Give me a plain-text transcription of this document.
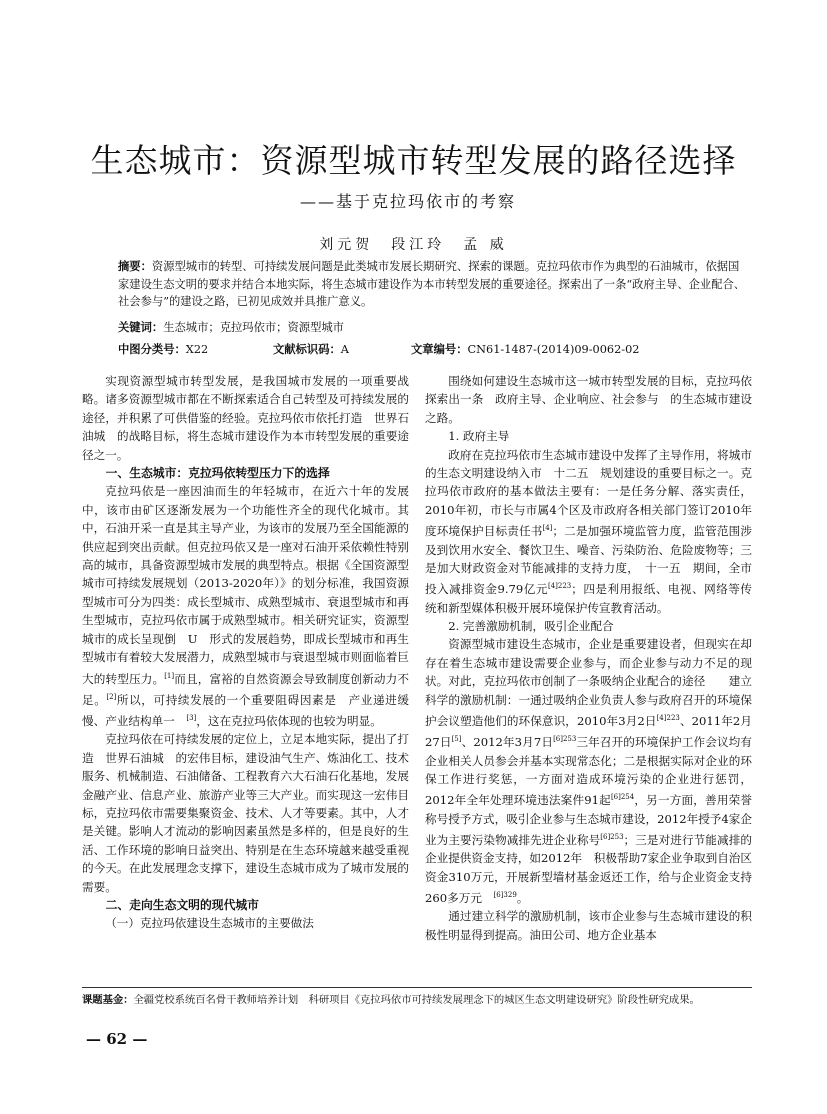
生态城市：资源型城市转型发展的路径选择
——基于克拉玛依市的考察
刘元贺　段江玲　孟 威
摘要：资源型城市的转型、可持续发展问题是此类城市发展长期研究、探索的课题。克拉玛依市作为典型的石油城市，依据国家建设生态文明的要求并结合本地实际，将生态城市建设作为本市转型发展的重要途径。探索出了一条“政府主导、企业配合、社会参与”的建设之路，已初见成效并具推广意义。
关键词：生态城市；克拉玛依市；资源型城市
中图分类号：X22	文献标识码：A	文章编号：CN61-1487-(2014)09-0062-02

实现资源型城市转型发展，是我国城市发展的一项重要战略。诸多资源型城市都在不断探索适合自己转型及可持续发展的途径，并积累了可供借鉴的经验。克拉玛依市依托打造　世界石油城　的战略目标，将生态城市建设作为本市转型发展的重要途径之一。

一、生态城市：克拉玛依转型压力下的选择

克拉玛依是一座因油而生的年轻城市，在近六十年的发展中，该市由矿区逐渐发展为一个功能性齐全的现代化城市。其中，石油开采一直是其主导产业，为该市的发展乃至全国能源的供应起到突出贡献。但克拉玛依又是一座对石油开采依赖性特别高的城市，具备资源型城市发展的典型特点。根据《全国资源型城市可持续发展规划（2013-2020年）》的划分标准，我国资源型城市可分为四类：成长型城市、成熟型城市、衰退型城市和再生型城市，克拉玛依市属于成熟型城市。相关研究证实，资源型城市的成长呈现倒　U　形式的发展趋势，即成长型城市和再生型城市有着较大发展潜力，成熟型城市与衰退型城市则面临着巨大的转型压力。[1]而且，富裕的自然资源会导致制度创新动力不足。[2]所以，可持续发展的一个重要阻碍因素是　产业递进缓慢、产业结构单一　[3]，这在克拉玛依体现的也较为明显。

克拉玛依在可持续发展的定位上，立足本地实际，提出了打造　世界石油城　的宏伟目标，建设油气生产、炼油化工、技术服务、机械制造、石油储备、工程教育六大石油石化基地，发展金融产业、信息产业、旅游产业等三大产业。而实现这一宏伟目标，克拉玛依市需要集聚资金、技术、人才等要素。其中，人才是关键。影响人才流动的影响因素虽然是多样的，但是良好的生活、工作环境的影响日益突出、特别是在生态环境越来越受重视的今天。在此发展理念支撑下，建设生态城市成为了城市发展的需要。

二、走向生态文明的现代城市
（一）克拉玛依建设生态城市的主要做法

围绕如何建设生态城市这一城市转型发展的目标，克拉玛依探索出一条　政府主导、企业响应、社会参与　的生态城市建设之路。

1. 政府主导

政府在克拉玛依市生态城市建设中发挥了主导作用，将城市的生态文明建设纳入市　十二五　规划建设的重要目标之一。克拉玛依市政府的基本做法主要有：一是任务分解、落实责任，2010年初，市长与市属4个区及市政府各相关部门签订2010年度环境保护目标责任书[4]；二是加强环境监管力度，监管范围涉及到饮用水安全、餐饮卫生、噪音、污染防治、危险废物等；三是加大财政资金对节能减排的支持力度，　十一五　期间，全市投入减排资金9.79亿元$^{[4]223}$；四是利用报纸、电视、网络等传统和新型媒体积极开展环境保护传宣教育活动。

2. 完善激励机制，吸引企业配合

资源型城市建设生态城市，企业是重要建设者，但现实在却存在着生态城市建设需要企业参与，而企业参与动力不足的现状。对此，克拉玛依市创制了一条吸纳企业配合的途径　　建立科学的激励机制：一通过吸纳企业负责人参与政府召开的环境保护会议塑造他们的环保意识，2010年3月2日$^{[4]223}$、2011年2月27日[5]、2012年3月7日$^{[6]253}$三年召开的环境保护工作会议均有企业相关人员参会并基本实现常态化；二是根据实际对企业的环保工作进行奖惩，一方面对造成环境污染的企业进行惩罚，2012年全年处理环境违法案件91起$^{[6]254}$，另一方面，善用荣誉称号授予方式，吸引企业参与生态城市建设，2012年授予4家企业为主要污染物减排先进企业称号$^{[6]253}$；三是对进行节能减排的企业提供资金支持，如2012年　积极帮助7家企业争取到自治区资金310万元，开展新型墙材基金返还工作，给与企业资金支持260多万元　$^{[6]329}$。

通过建立科学的激励机制，该市企业参与生态城市建设的积极性明显得到提高。油田公司、地方企业基本

课题基金：全疆党校系统百名骨干教师培养计划　科研项目《克拉玛依市可持续发展理念下的城区生态文明建设研究》阶段性研究成果。
— 62 —
